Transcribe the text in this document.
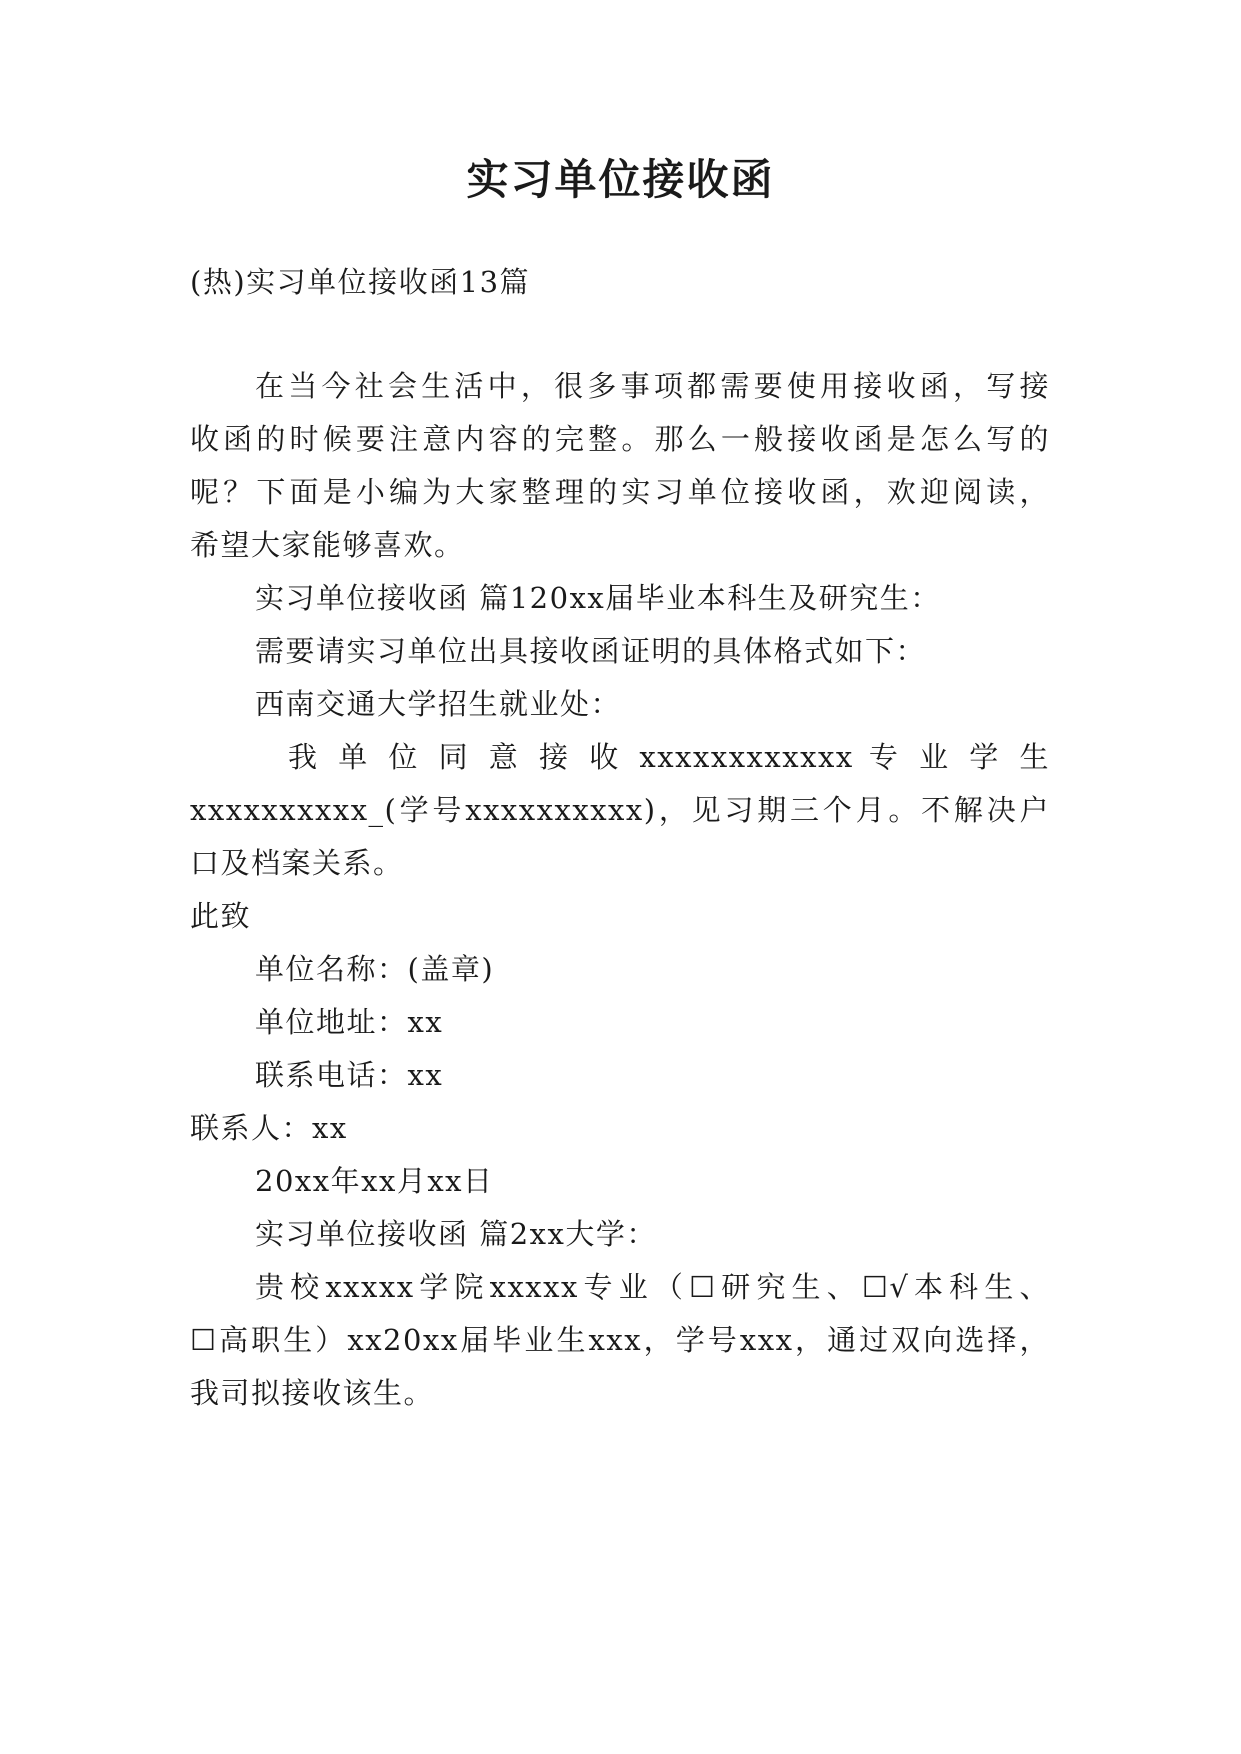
实习单位接收函
(热)实习单位接收函13篇
在当今社会生活中，很多事项都需要使用接收函，写接
收函的时候要注意内容的完整。那么一般接收函是怎么写的
呢？下面是小编为大家整理的实习单位接收函，欢迎阅读，
希望大家能够喜欢。
实习单位接收函 篇120xx届毕业本科生及研究生：
需要请实习单位出具接收函证明的具体格式如下：
西南交通大学招生就业处：
我 单 位 同 意 接 收 xxxxxxxxxxxx 专 业 学 生
xxxxxxxxxx_(学号xxxxxxxxxx)，见习期三个月。不解决户
口及档案关系。
此致
单位名称：(盖章)
单位地址：xx
联系电话：xx
联系人：xx
20xx年xx月xx日
实习单位接收函 篇2xx大学：
贵校xxxxx学院xxxxx专业（☐研究生、☐√本科生、
☐高职生）xx20xx届毕业生xxx，学号xxx，通过双向选择，
我司拟接收该生。
